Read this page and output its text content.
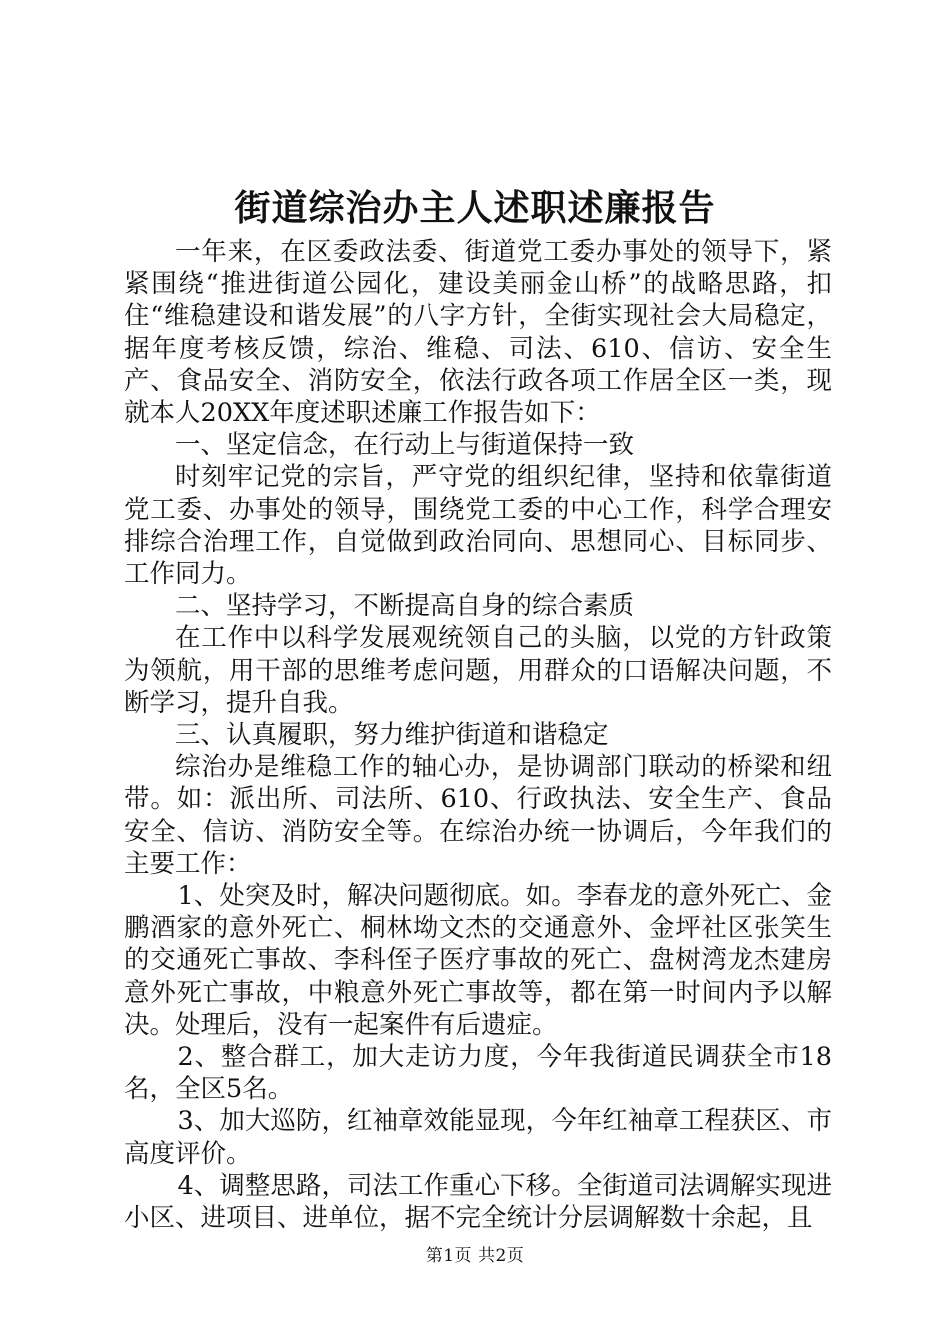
街道综治办主人述职述廉报告

一年来，在区委政法委、街道党工委办事处的领导下，紧紧围绕“推进街道公园化，建设美丽金山桥”的战略思路，扣住“维稳建设和谐发展”的八字方针，全街实现社会大局稳定，据年度考核反馈，综治、维稳、司法、610、信访、安全生产、食品安全、消防安全，依法行政各项工作居全区一类，现就本人20XX年度述职述廉工作报告如下：

一、坚定信念，在行动上与街道保持一致

时刻牢记党的宗旨，严守党的组织纪律，坚持和依靠街道党工委、办事处的领导，围绕党工委的中心工作，科学合理安排综合治理工作，自觉做到政治同向、思想同心、目标同步、工作同力。

二、坚持学习，不断提高自身的综合素质

在工作中以科学发展观统领自己的头脑，以党的方针政策为领航，用干部的思维考虑问题，用群众的口语解决问题，不断学习，提升自我。

三、认真履职，努力维护街道和谐稳定

综治办是维稳工作的轴心办，是协调部门联动的桥梁和纽带。如：派出所、司法所、610、行政执法、安全生产、食品安全、信访、消防安全等。在综治办统一协调后，今年我们的主要工作：

1、处突及时，解决问题彻底。如。李春龙的意外死亡、金鹏酒家的意外死亡、桐林坳文杰的交通意外、金坪社区张笑生的交通死亡事故、李科侄子医疗事故的死亡、盘树湾龙杰建房意外死亡事故，中粮意外死亡事故等，都在第一时间内予以解决。处理后，没有一起案件有后遗症。

2、整合群工，加大走访力度，今年我街道民调获全市18名，全区5名。

3、加大巡防，红袖章效能显现，今年红袖章工程获区、市高度评价。

4、调整思路，司法工作重心下移。全街道司法调解实现进小区、进项目、进单位，据不完全统计分层调解数十余起，且

第1页 共2页
